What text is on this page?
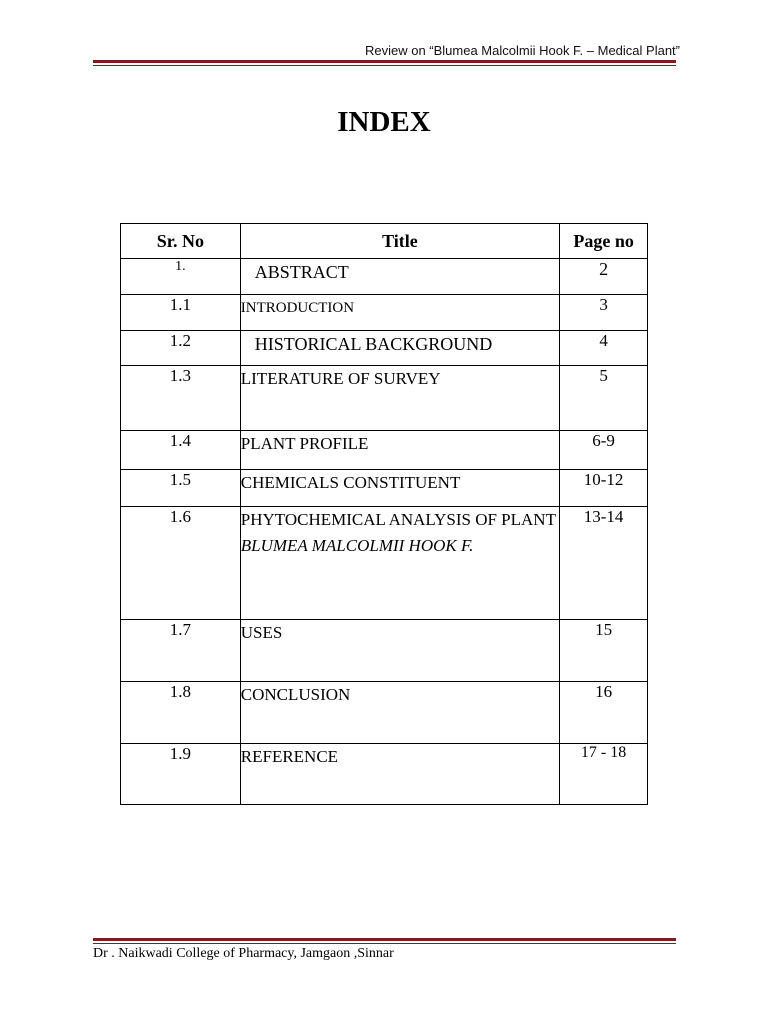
Review on “Blumea Malcolmii Hook F. – Medical Plant”
INDEX
Sr. No	Title	Page no
1.	ABSTRACT	2
1.1	INTRODUCTION	3
1.2	HISTORICAL BACKGROUND	4
1.3	LITERATURE OF SURVEY	5
1.4	PLANT PROFILE	6-9
1.5	CHEMICALS CONSTITUENT	10-12
1.6	PHYTOCHEMICAL ANALYSIS OF PLANT BLUMEA MALCOLMII HOOK F.	13-14
1.7	USES	15
1.8	CONCLUSION	16
1.9	REFERENCE	17 - 18
Dr . Naikwadi College of Pharmacy, Jamgaon ,Sinnar
